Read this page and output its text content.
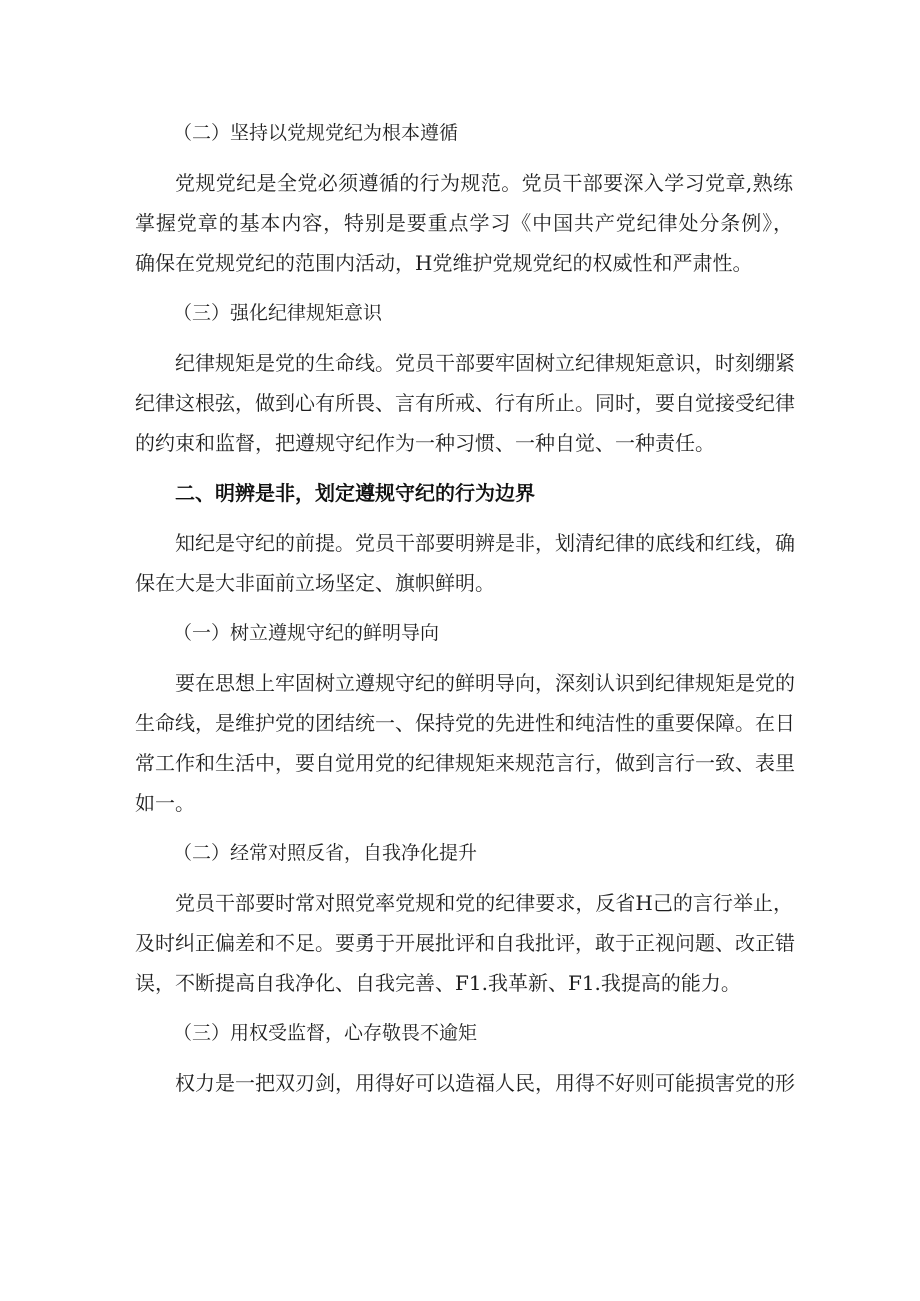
（二）坚持以党规党纪为根本遵循
党规党纪是全党必须遵循的行为规范。党员干部要深入学习党章,熟练
掌握党章的基本内容，特别是要重点学习《中国共产党纪律处分条例》，
确保在党规党纪的范围内活动，H党维护党规党纪的权威性和严肃性。
（三）强化纪律规矩意识
纪律规矩是党的生命线。党员干部要牢固树立纪律规矩意识，时刻绷紧
纪律这根弦，做到心有所畏、言有所戒、行有所止。同时，要自觉接受纪律
的约束和监督，把遵规守纪作为一种习惯、一种自觉、一种责任。
二、明辨是非，划定遵规守纪的行为边界
知纪是守纪的前提。党员干部要明辨是非，划清纪律的底线和红线，确
保在大是大非面前立场坚定、旗帜鲜明。
（一）树立遵规守纪的鲜明导向
要在思想上牢固树立遵规守纪的鲜明导向，深刻认识到纪律规矩是党的
生命线，是维护党的团结统一、保持党的先进性和纯洁性的重要保障。在日
常工作和生活中，要自觉用党的纪律规矩来规范言行，做到言行一致、表里
如一。
（二）经常对照反省，自我净化提升
党员干部要时常对照党率党规和党的纪律要求，反省H己的言行举止，
及时纠正偏差和不足。要勇于开展批评和自我批评，敢于正视问题、改正错
误，不断提高自我净化、自我完善、F1.我革新、F1.我提高的能力。
（三）用权受监督，心存敬畏不逾矩
权力是一把双刃剑，用得好可以造福人民，用得不好则可能损害党的形
